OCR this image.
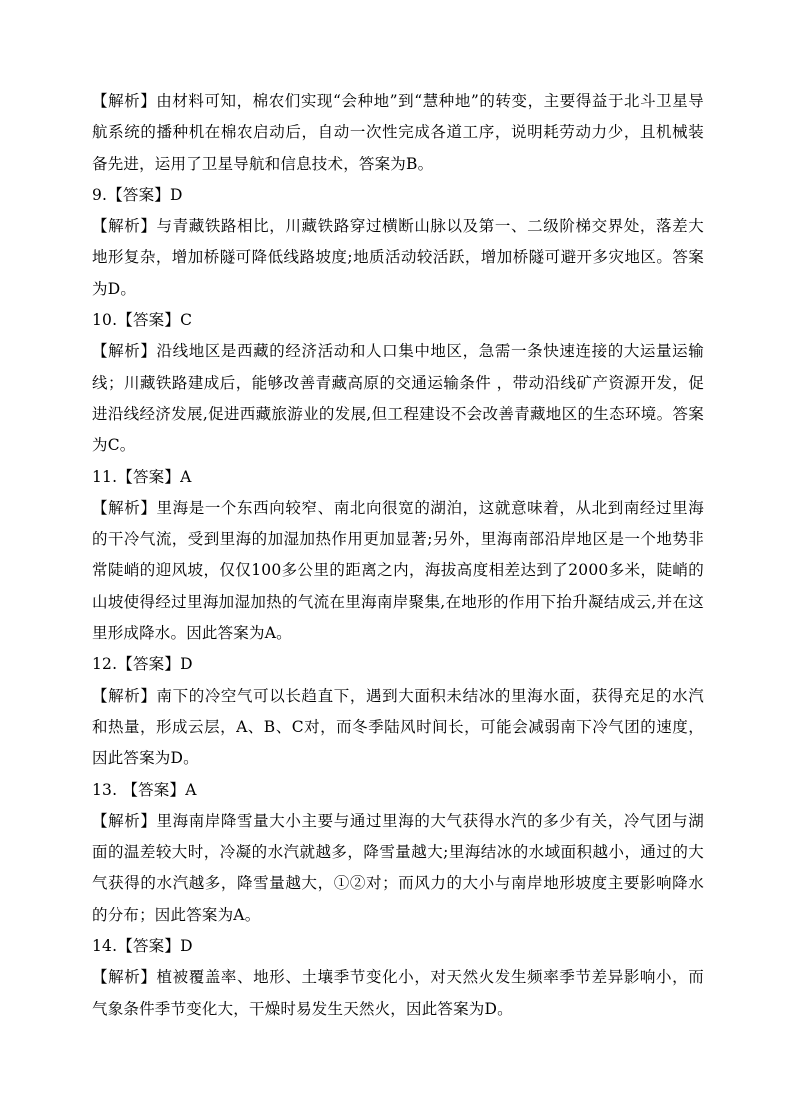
【解析】由材料可知，棉农们实现“会种地”到“慧种地”的转变，主要得益于北斗卫星导航系统的播种机在棉农启动后，自动一次性完成各道工序，说明耗劳动力少，且机械装备先进，运用了卫星导航和信息技术，答案为B。

9.【答案】D

【解析】与青藏铁路相比，川藏铁路穿过横断山脉以及第一、二级阶梯交界处，落差大地形复杂，增加桥隧可降低线路坡度;地质活动较活跃，增加桥隧可避开多灾地区。答案为D。

10.【答案】C

【解析】沿线地区是西藏的经济活动和人口集中地区，急需一条快速连接的大运量运输线；川藏铁路建成后，能够改善青藏高原的交通运输条件 ，带动沿线矿产资源开发，促进沿线经济发展,促进西藏旅游业的发展,但工程建设不会改善青藏地区的生态环境。答案为C。

11.【答案】A

【解析】里海是一个东西向较窄、南北向很宽的湖泊，这就意味着，从北到南经过里海的干冷气流，受到里海的加湿加热作用更加显著;另外，里海南部沿岸地区是一个地势非常陡峭的迎风坡，仅仅100多公里的距离之内，海拔高度相差达到了2000多米，陡峭的山坡使得经过里海加湿加热的气流在里海南岸聚集,在地形的作用下抬升凝结成云,并在这里形成降水。因此答案为A。

12.【答案】D

【解析】南下的冷空气可以长趋直下，遇到大面积未结冰的里海水面，获得充足的水汽和热量，形成云层，A、B、C对，而冬季陆风时间长，可能会减弱南下冷气团的速度，因此答案为D。

13. 【答案】A

【解析】里海南岸降雪量大小主要与通过里海的大气获得水汽的多少有关，冷气团与湖面的温差较大时，冷凝的水汽就越多，降雪量越大;里海结冰的水域面积越小，通过的大气获得的水汽越多，降雪量越大，①②对；而风力的大小与南岸地形坡度主要影响降水的分布；因此答案为A。

14.【答案】D

【解析】植被覆盖率、地形、土壤季节变化小，对天然火发生频率季节差异影响小，而气象条件季节变化大，干燥时易发生天然火，因此答案为D。
